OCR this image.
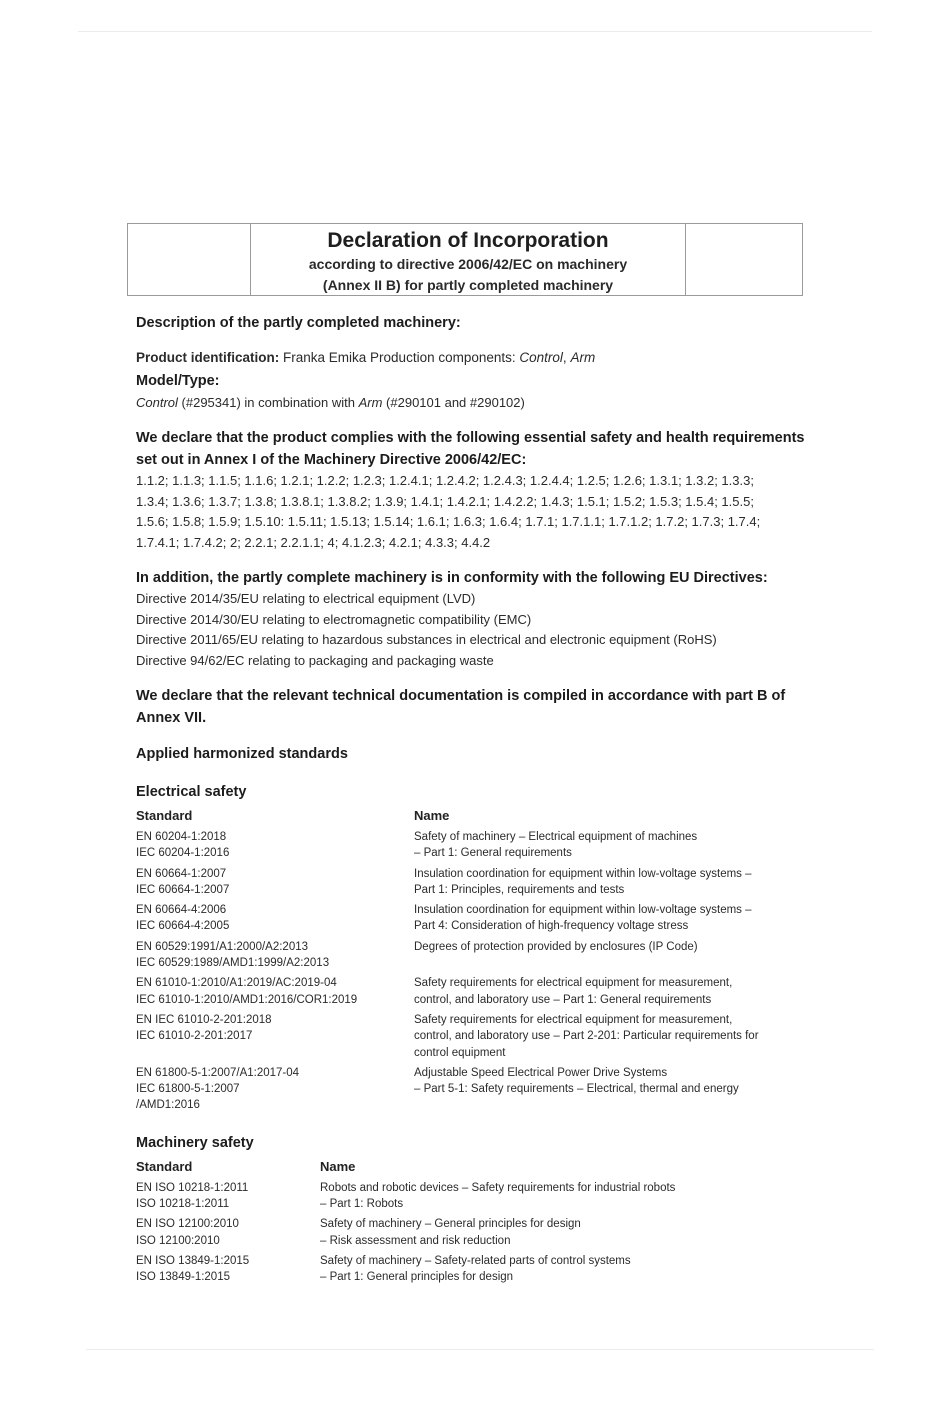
Declaration of Incorporation
according to directive 2006/42/EC on machinery
(Annex II B) for partly completed machinery
Description of the partly completed machinery:
Product identification: Franka Emika Production components: Control, Arm
Model/Type:
Control (#295341) in combination with Arm (#290101 and #290102)
We declare that the product complies with the following essential safety and health requirements
set out in Annex I of the Machinery Directive 2006/42/EC:
1.1.2; 1.1.3; 1.1.5; 1.1.6; 1.2.1; 1.2.2; 1.2.3; 1.2.4.1; 1.2.4.2; 1.2.4.3; 1.2.4.4; 1.2.5; 1.2.6; 1.3.1; 1.3.2; 1.3.3;
1.3.4; 1.3.6; 1.3.7; 1.3.8; 1.3.8.1; 1.3.8.2; 1.3.9; 1.4.1; 1.4.2.1; 1.4.2.2; 1.4.3; 1.5.1; 1.5.2; 1.5.3; 1.5.4; 1.5.5;
1.5.6; 1.5.8; 1.5.9; 1.5.10: 1.5.11; 1.5.13; 1.5.14; 1.6.1; 1.6.3; 1.6.4; 1.7.1; 1.7.1.1; 1.7.1.2; 1.7.2; 1.7.3; 1.7.4;
1.7.4.1; 1.7.4.2; 2; 2.2.1; 2.2.1.1; 4; 4.1.2.3; 4.2.1; 4.3.3; 4.4.2
In addition, the partly complete machinery is in conformity with the following EU Directives:
Directive 2014/35/EU relating to electrical equipment (LVD)
Directive 2014/30/EU relating to electromagnetic compatibility (EMC)
Directive 2011/65/EU relating to hazardous substances in electrical and electronic equipment (RoHS)
Directive 94/62/EC relating to packaging and packaging waste
We declare that the relevant technical documentation is compiled in accordance with part B of
Annex VII.
Applied harmonized standards
Electrical safety
Standard	Name

EN 60204-1:2018
IEC 60204-1:2016	Safety of machinery – Electrical equipment of machines
– Part 1: General requirements

EN 60664-1:2007
IEC 60664-1:2007	Insulation coordination for equipment within low-voltage systems –
Part 1: Principles, requirements and tests

EN 60664-4:2006
IEC 60664-4:2005	Insulation coordination for equipment within low-voltage systems –
Part 4: Consideration of high-frequency voltage stress

EN 60529:1991/A1:2000/A2:2013
IEC 60529:1989/AMD1:1999/A2:2013	Degrees of protection provided by enclosures (IP Code)

EN 61010-1:2010/A1:2019/AC:2019-04
IEC 61010-1:2010/AMD1:2016/COR1:2019	Safety requirements for electrical equipment for measurement,
control, and laboratory use – Part 1: General requirements

EN IEC 61010-2-201:2018
IEC 61010-2-201:2017	Safety requirements for electrical equipment for measurement,
control, and laboratory use – Part 2-201: Particular requirements for
control equipment

EN 61800-5-1:2007/A1:2017-04
IEC 61800-5-1:2007
/AMD1:2016	Adjustable Speed Electrical Power Drive Systems
– Part 5-1: Safety requirements – Electrical, thermal and energy
Machinery safety
Standard	Name

EN ISO 10218-1:2011
ISO 10218-1:2011	Robots and robotic devices – Safety requirements for industrial robots
– Part 1: Robots

EN ISO 12100:2010
ISO 12100:2010	Safety of machinery – General principles for design
– Risk assessment and risk reduction

EN ISO 13849-1:2015
ISO 13849-1:2015	Safety of machinery – Safety-related parts of control systems
– Part 1: General principles for design
